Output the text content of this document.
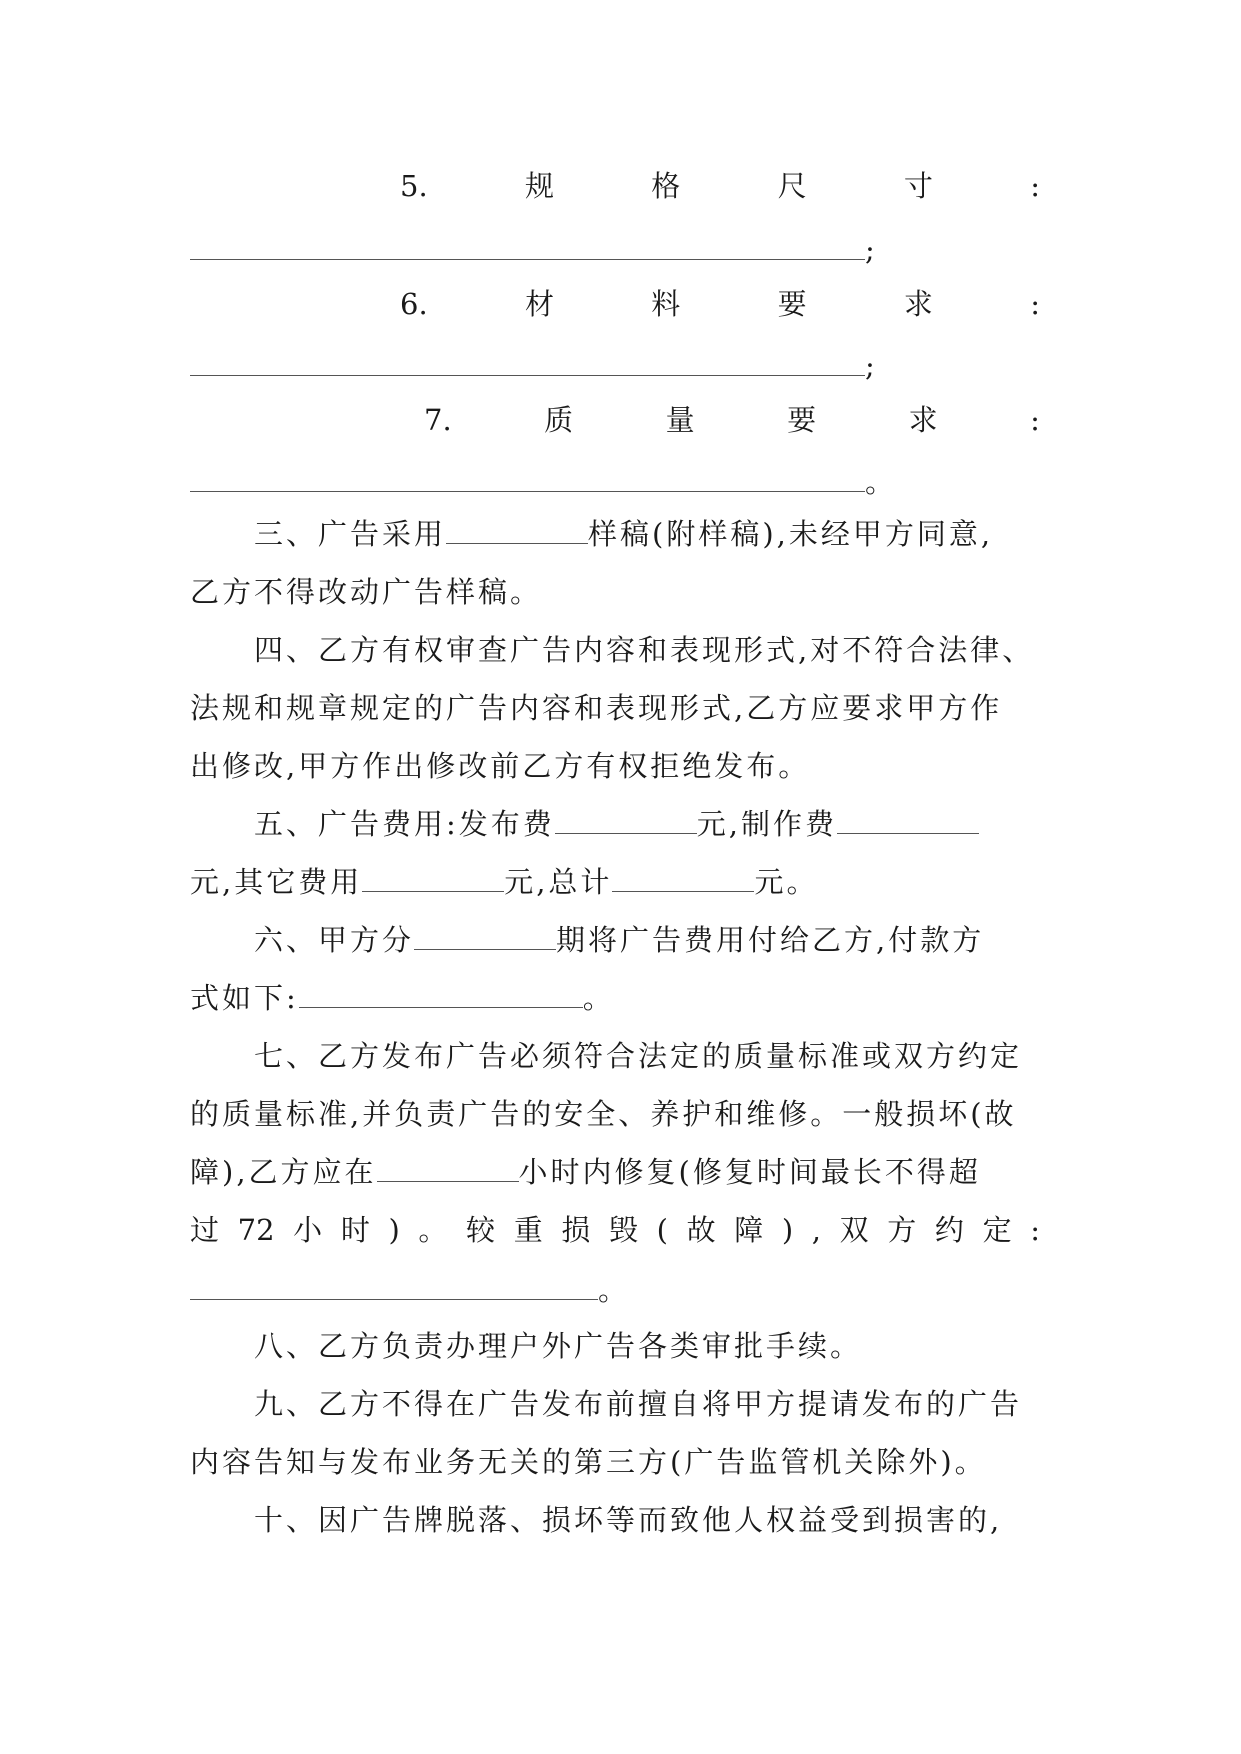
5.	规	格	尺	寸	:
;
6.	材	料	要	求	:
;
7.	质	量	要	求	:
。
三、广告采用	样稿(附样稿),未经甲方同意,
乙方不得改动广告样稿。
四、乙方有权审查广告内容和表现形式,对不符合法律、
法规和规章规定的广告内容和表现形式,乙方应要求甲方作
出修改,甲方作出修改前乙方有权拒绝发布。
五、广告费用:发布费	元,制作费
元,其它费用	元,总计	元。
六、甲方分	期将广告费用付给乙方,付款方
式如下:	。
七、乙方发布广告必须符合法定的质量标准或双方约定
的质量标准,并负责广告的安全、养护和维修。一般损坏(故
障),乙方应在	小时内修复(修复时间最长不得超
过 72 小 时 ) 。 较 重 损 毁 ( 故 障 ) , 双 方 约 定 :
。
八、乙方负责办理户外广告各类审批手续。
九、乙方不得在广告发布前擅自将甲方提请发布的广告
内容告知与发布业务无关的第三方(广告监管机关除外)。
十、因广告牌脱落、损坏等而致他人权益受到损害的,
